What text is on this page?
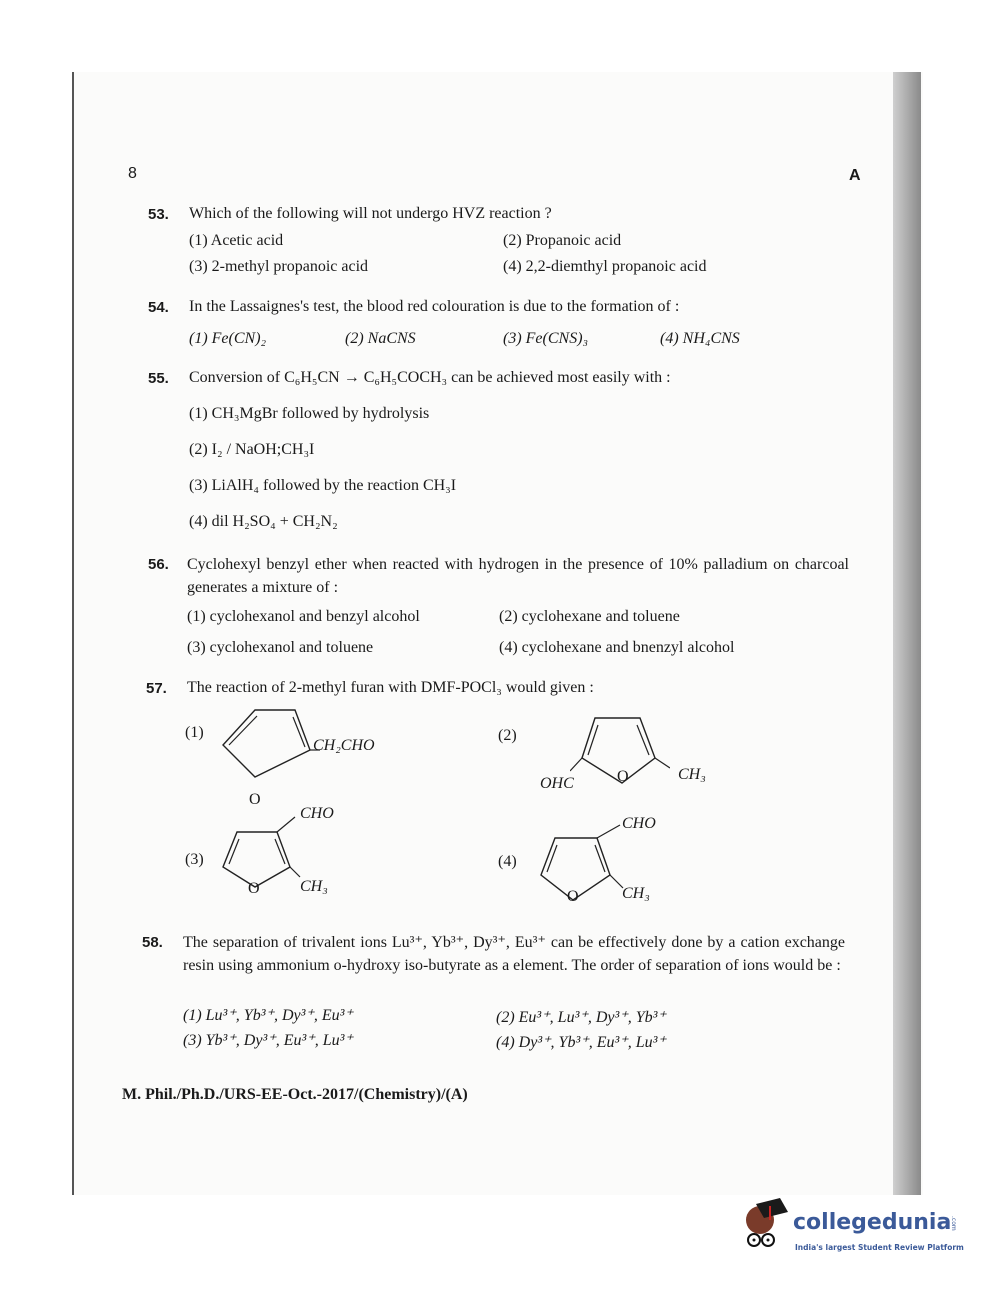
8	A
53. Which of the following will not undergo HVZ reaction ?
(1) Acetic acid	(2) Propanoic acid
(3) 2-methyl propanoic acid	(4) 2,2-diemthyl propanoic acid
54. In the Lassaignes's test, the blood red colouration is due to the formation of :
(1) Fe(CN)₂	(2) NaCNS	(3) Fe(CNS)₃	(4) NH₄CNS
55. Conversion of C₆H₅CN → C₆H₅COCH₃ can be achieved most easily with :
(1) CH₃MgBr followed by hydrolysis
(2) I₂ / NaOH;CH₃I
(3) LiAlH₄ followed by the reaction CH₃I
(4) dil H₂SO₄ + CH₂N₂
56. Cyclohexyl benzyl ether when reacted with hydrogen in the presence of 10% palladium on charcoal generates a mixture of :
(1) cyclohexanol and benzyl alcohol	(2) cyclohexane and toluene
(3) cyclohexanol and toluene	(4) cyclohexane and bnenzyl alcohol
57. The reaction of 2-methyl furan with DMF-POCl₃ would given :
(1)	(2)
(3)	(4)
O
CH₂CHO
O
OHC
CH₃
O
CHO
CH₃
O
CHO
CH₃
58. The separation of trivalent ions Lu³⁺, Yb³⁺, Dy³⁺, Eu³⁺ can be effectively done by a cation exchange resin using ammonium o-hydroxy iso-butyrate as a element. The order of separation of ions would be :
(1) Lu³⁺, Yb³⁺, Dy³⁺, Eu³⁺	(2) Eu³⁺, Lu³⁺, Dy³⁺, Yb³⁺
(3) Yb³⁺, Dy³⁺, Eu³⁺, Lu³⁺	(4) Dy³⁺, Yb³⁺, Eu³⁺, Lu³⁺
M. Phil./Ph.D./URS-EE-Oct.-2017/(Chemistry)/(A)
collegedunia
.com
India's largest Student Review Platform
